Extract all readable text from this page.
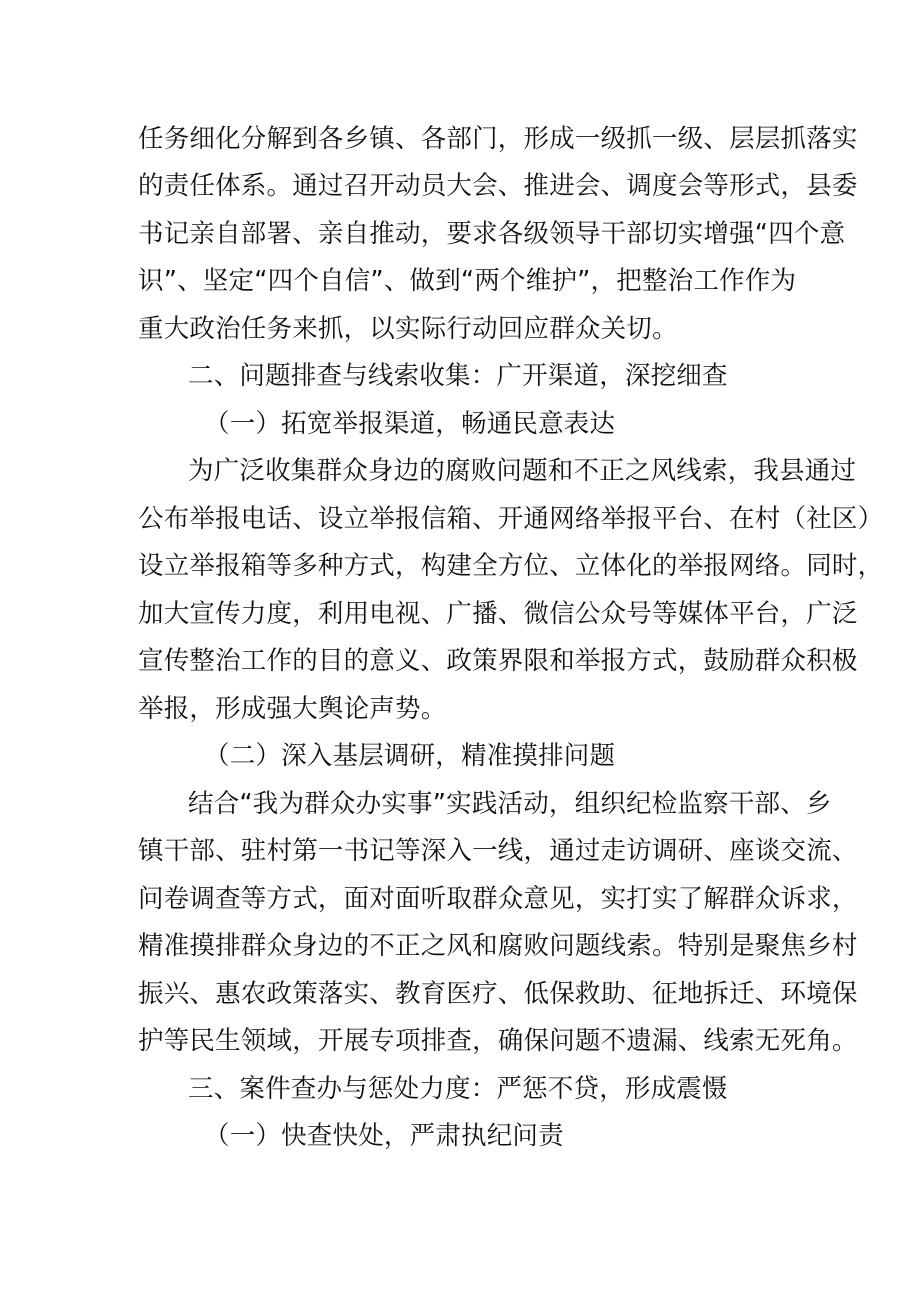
任务细化分解到各乡镇、各部门，形成一级抓一级、层层抓落实
的责任体系。通过召开动员大会、推进会、调度会等形式，县委
书记亲自部署、亲自推动，要求各级领导干部切实增强“四个意
识”、坚定“四个自信”、做到“两个维护”，把整治工作作为
重大政治任务来抓，以实际行动回应群众关切。
二、问题排查与线索收集：广开渠道，深挖细查
（一）拓宽举报渠道，畅通民意表达
为广泛收集群众身边的腐败问题和不正之风线索，我县通过
公布举报电话、设立举报信箱、开通网络举报平台、在村（社区）
设立举报箱等多种方式，构建全方位、立体化的举报网络。同时，
加大宣传力度，利用电视、广播、微信公众号等媒体平台，广泛
宣传整治工作的目的意义、政策界限和举报方式，鼓励群众积极
举报，形成强大舆论声势。
（二）深入基层调研，精准摸排问题
结合“我为群众办实事”实践活动，组织纪检监察干部、乡
镇干部、驻村第一书记等深入一线，通过走访调研、座谈交流、
问卷调查等方式，面对面听取群众意见，实打实了解群众诉求，
精准摸排群众身边的不正之风和腐败问题线索。特别是聚焦乡村
振兴、惠农政策落实、教育医疗、低保救助、征地拆迁、环境保
护等民生领域，开展专项排查，确保问题不遗漏、线索无死角。
三、案件查办与惩处力度：严惩不贷，形成震慑
（一）快查快处，严肃执纪问责
